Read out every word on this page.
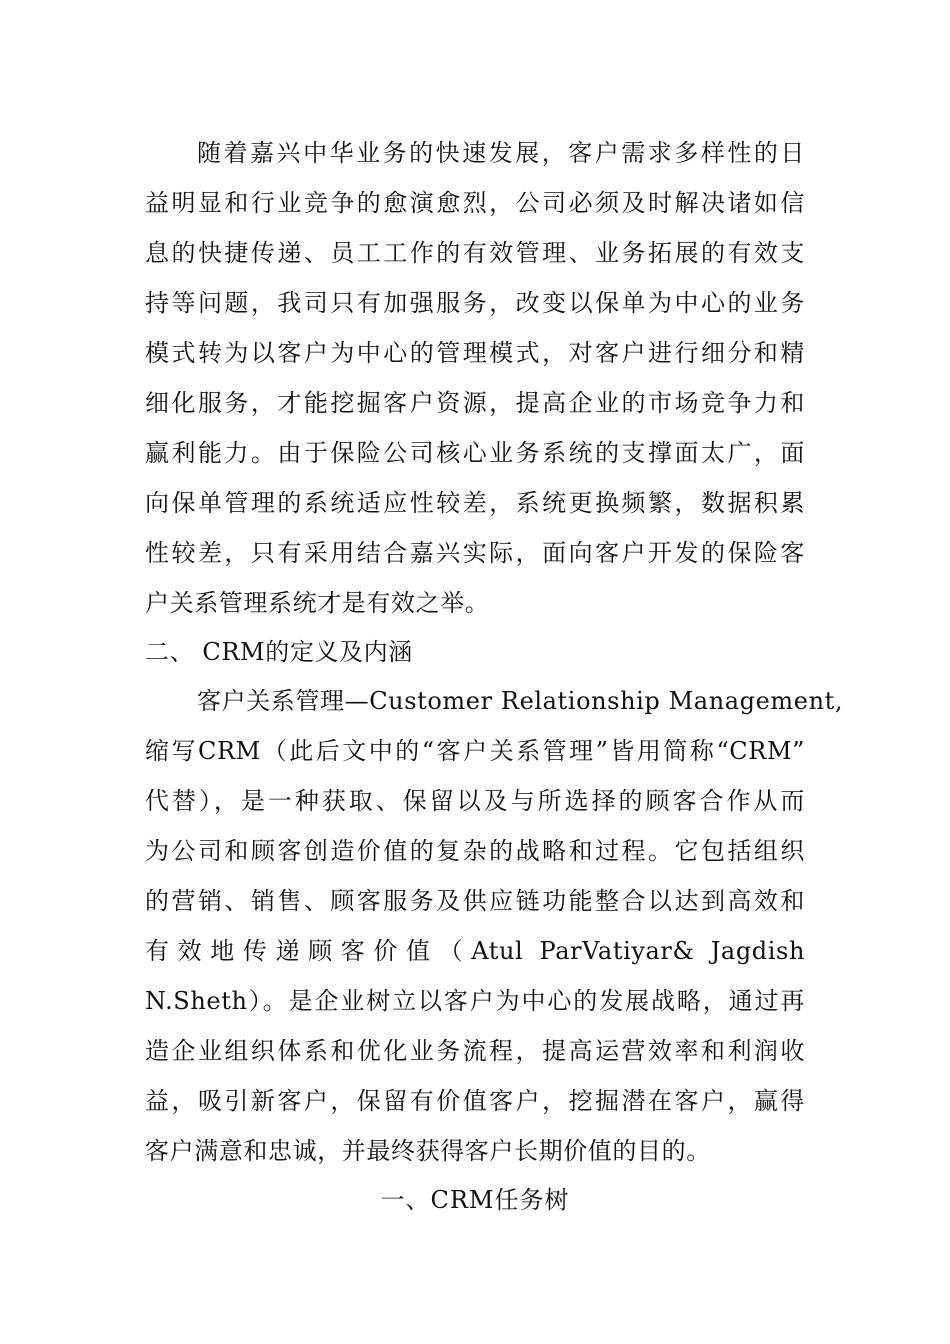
随着嘉兴中华业务的快速发展，客户需求多样性的日
益明显和行业竞争的愈演愈烈，公司必须及时解决诸如信
息的快捷传递、员工工作的有效管理、业务拓展的有效支
持等问题，我司只有加强服务，改变以保单为中心的业务
模式转为以客户为中心的管理模式，对客户进行细分和精
细化服务，才能挖掘客户资源，提高企业的市场竞争力和
赢利能力。由于保险公司核心业务系统的支撑面太广，面
向保单管理的系统适应性较差，系统更换频繁，数据积累
性较差，只有采用结合嘉兴实际，面向客户开发的保险客
户关系管理系统才是有效之举。
二、 CRM的定义及内涵
客户关系管理—Customer Relationship Management,
缩写CRM（此后文中的“客户关系管理”皆用简称“CRM”
代替），是一种获取、保留以及与所选择的顾客合作从而
为公司和顾客创造价值的复杂的战略和过程。它包括组织
的营销、销售、顾客服务及供应链功能整合以达到高效和
有效地传递顾客价值（Atul ParVatiyar& Jagdish
N.Sheth）。是企业树立以客户为中心的发展战略，通过再
造企业组织体系和优化业务流程，提高运营效率和利润收
益，吸引新客户，保留有价值客户，挖掘潜在客户，赢得
客户满意和忠诚，并最终获得客户长期价值的目的。
一、CRM任务树
